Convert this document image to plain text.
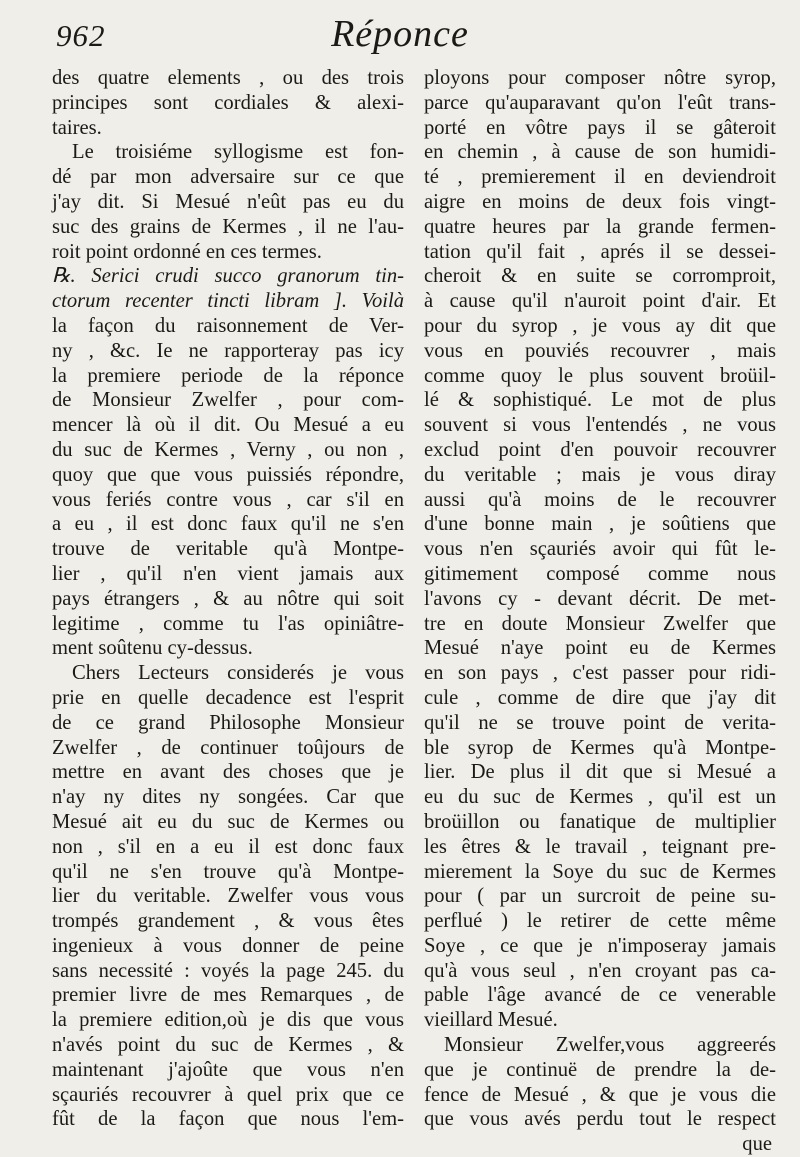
962	Réponce
des quatre elements , ou des trois
principes sont cordiales & alexi-
taires.
Le troisiéme syllogisme est fon-
dé par mon adversaire sur ce que
j'ay dit. Si Mesué n'eût pas eu du
suc des grains de Kermes , il ne l'au-
roit point ordonné en ces termes.
℞. Serici crudi succo granorum tin-
ctorum recenter tincti libram ]. Voilà
la façon du raisonnement de Ver-
ny , &c. Ie ne rapporteray pas icy
la premiere periode de la réponce
de Monsieur Zwelfer , pour com-
mencer là où il dit. Ou Mesué a eu
du suc de Kermes , Verny , ou non ,
quoy que que vous puissiés répondre,
vous feriés contre vous , car s'il en
a eu , il est donc faux qu'il ne s'en
trouve de veritable qu'à Montpe-
lier , qu'il n'en vient jamais aux
pays étrangers , & au nôtre qui soit
legitime , comme tu l'as opiniâtre-
ment soûtenu cy-dessus.
Chers Lecteurs considerés je vous
prie en quelle decadence est l'esprit
de ce grand Philosophe Monsieur
Zwelfer , de continuer toûjours de
mettre en avant des choses que je
n'ay ny dites ny songées. Car que
Mesué ait eu du suc de Kermes ou
non , s'il en a eu il est donc faux
qu'il ne s'en trouve qu'à Montpe-
lier du veritable. Zwelfer vous vous
trompés grandement , & vous êtes
ingenieux à vous donner de peine
sans necessité : voyés la page 245. du
premier livre de mes Remarques , de
la premiere edition,où je dis que vous
n'avés point du suc de Kermes , &
maintenant j'ajoûte que vous n'en
sçauriés recouvrer à quel prix que ce
fût de la façon que nous l'em-
ployons pour composer nôtre syrop,
parce qu'auparavant qu'on l'eût trans‑
porté en vôtre pays il se gâteroit
en chemin , à cause de son humidi-
té , premierement il en deviendroit
aigre en moins de deux fois vingt-
quatre heures par la grande fermen-
tation qu'il fait , aprés il se dessei-
cheroit & en suite se corromproit,
à cause qu'il n'auroit point d'air. Et
pour du syrop , je vous ay dit que
vous en pouviés recouvrer , mais
comme quoy le plus souvent broüil-
lé & sophistiqué. Le mot de plus
souvent si vous l'entendés , ne vous
exclud point d'en pouvoir recouvrer
du veritable ; mais je vous diray
aussi qu'à moins de le recouvrer
d'une bonne main , je soûtiens que
vous n'en sçauriés avoir qui fût le-
gitimement composé comme nous
l'avons cy - devant décrit. De met-
tre en doute Monsieur Zwelfer que
Mesué n'aye point eu de Kermes
en son pays , c'est passer pour ridi-
cule , comme de dire que j'ay dit
qu'il ne se trouve point de verita-
ble syrop de Kermes qu'à Montpe-
lier. De plus il dit que si Mesué a
eu du suc de Kermes , qu'il est un
broüillon ou fanatique de multiplier
les êtres & le travail , teignant pre-
mierement la Soye du suc de Kermes
pour ( par un surcroit de peine su-
perflué ) le retirer de cette même
Soye , ce que je n'imposeray jamais
qu'à vous seul , n'en croyant pas ca-
pable l'âge avancé de ce venerable
vieillard Mesué.
Monsieur Zwelfer,vous aggreerés
que je continuë de prendre la de-
fence de Mesué , & que je vous die
que vous avés perdu tout le respect
que
